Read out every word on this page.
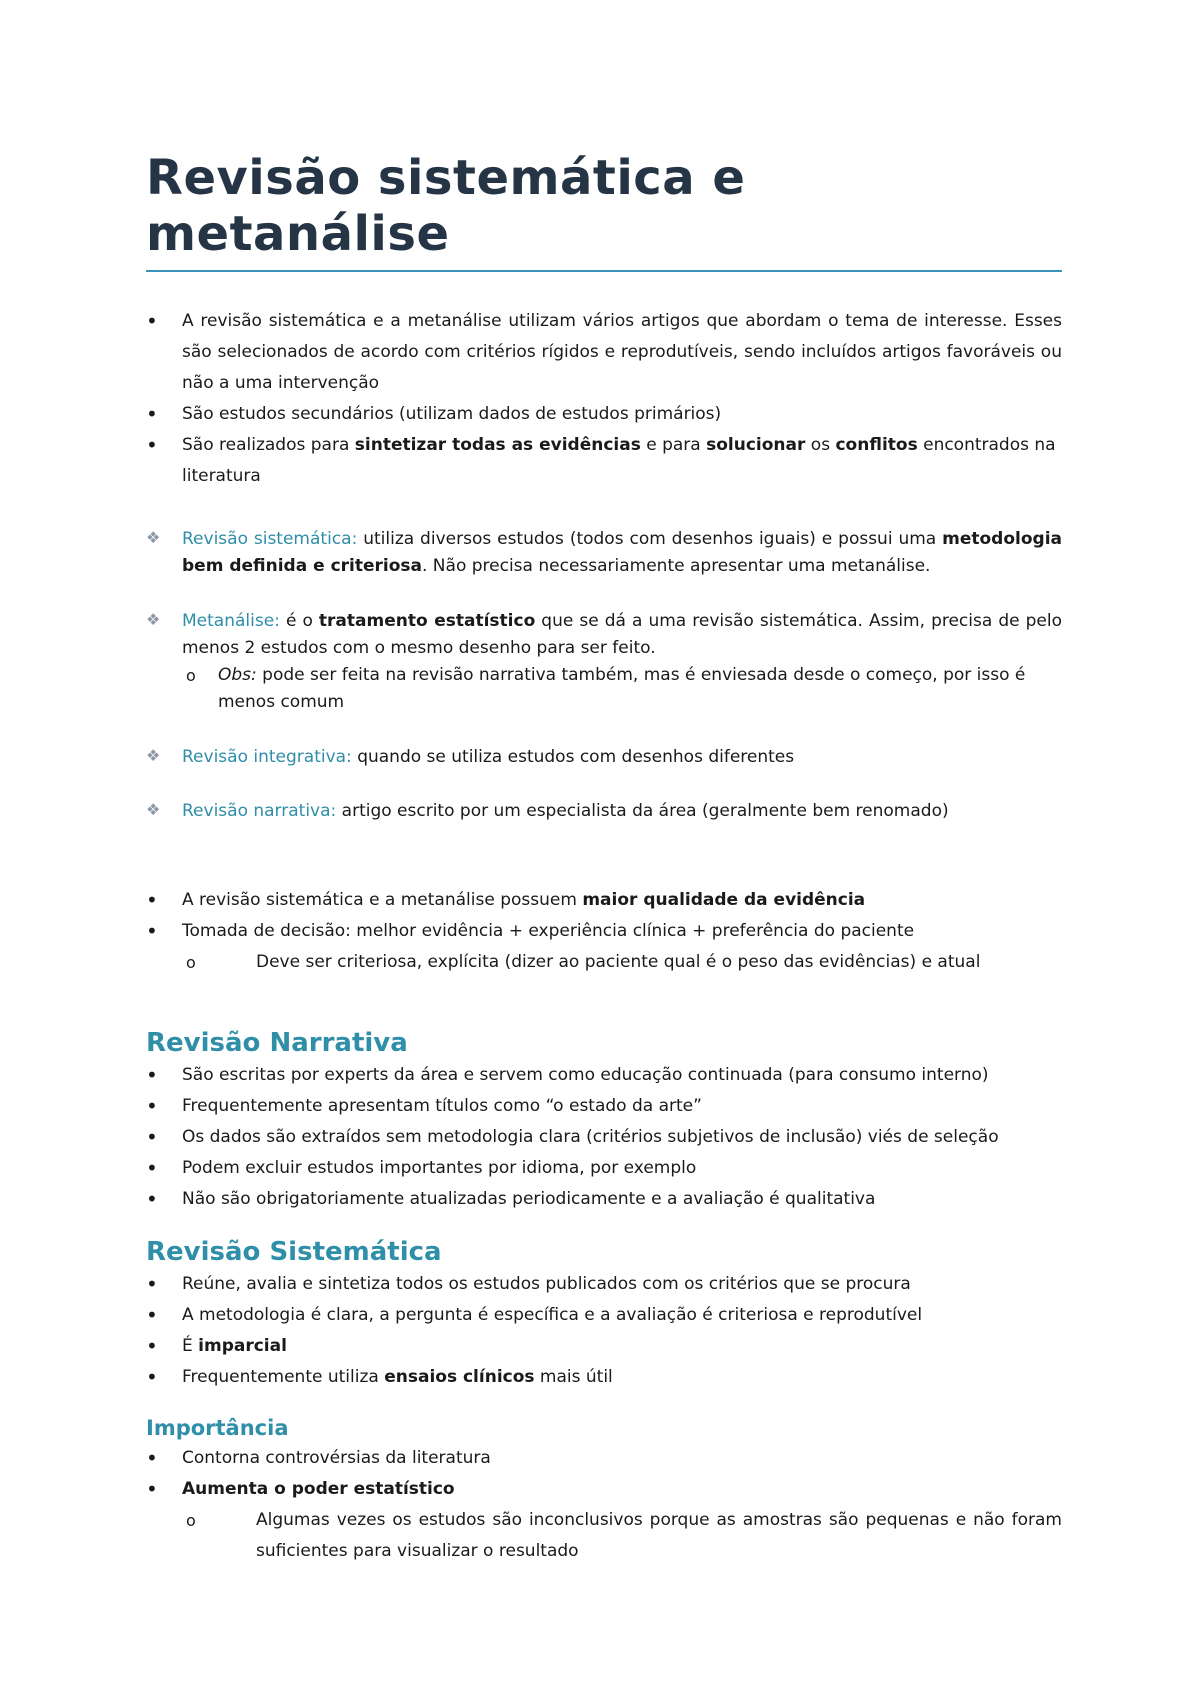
Revisão sistemática e metanálise
• A revisão sistemática e a metanálise utilizam vários artigos que abordam o tema de interesse. Esses são selecionados de acordo com critérios rígidos e reprodutíveis, sendo incluídos artigos favoráveis ou não a uma intervenção
• São estudos secundários (utilizam dados de estudos primários)
• São realizados para sintetizar todas as evidências e para solucionar os conflitos encontrados na literatura
❖ Revisão sistemática: utiliza diversos estudos (todos com desenhos iguais) e possui uma metodologia bem definida e criteriosa. Não precisa necessariamente apresentar uma metanálise.
❖ Metanálise: é o tratamento estatístico que se dá a uma revisão sistemática. Assim, precisa de pelo menos 2 estudos com o mesmo desenho para ser feito.
o Obs: pode ser feita na revisão narrativa também, mas é enviesada desde o começo, por isso é menos comum
❖ Revisão integrativa: quando se utiliza estudos com desenhos diferentes
❖ Revisão narrativa: artigo escrito por um especialista da área (geralmente bem renomado)
• A revisão sistemática e a metanálise possuem maior qualidade da evidência
• Tomada de decisão: melhor evidência + experiência clínica + preferência do paciente
o Deve ser criteriosa, explícita (dizer ao paciente qual é o peso das evidências) e atual
Revisão Narrativa
• São escritas por experts da área e servem como educação continuada (para consumo interno)
• Frequentemente apresentam títulos como “o estado da arte”
• Os dados são extraídos sem metodologia clara (critérios subjetivos de inclusão) viés de seleção
• Podem excluir estudos importantes por idioma, por exemplo
• Não são obrigatoriamente atualizadas periodicamente e a avaliação é qualitativa
Revisão Sistemática
• Reúne, avalia e sintetiza todos os estudos publicados com os critérios que se procura
• A metodologia é clara, a pergunta é específica e a avaliação é criteriosa e reprodutível
• É imparcial
• Frequentemente utiliza ensaios clínicos mais útil
Importância
• Contorna controvérsias da literatura
• Aumenta o poder estatístico
o Algumas vezes os estudos são inconclusivos porque as amostras são pequenas e não foram suficientes para visualizar o resultado
